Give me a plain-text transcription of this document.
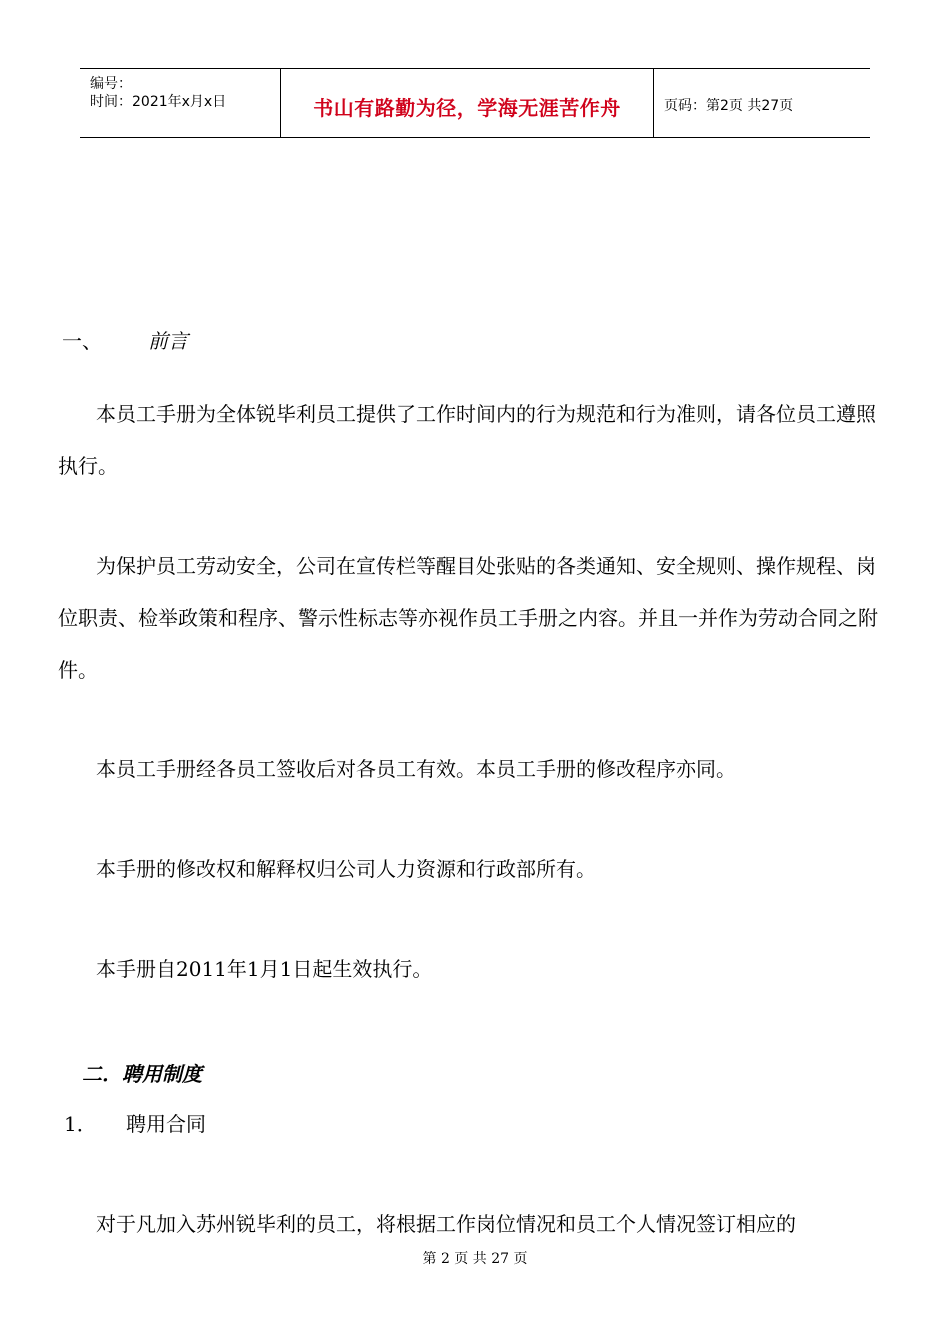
编号：
时间：2021年x月x日	书山有路勤为径，学海无涯苦作舟	页码：第2页 共27页
一、 前言
本员工手册为全体锐毕利员工提供了工作时间内的行为规范和行为准则，请各位员工遵照执行。
为保护员工劳动安全，公司在宣传栏等醒目处张贴的各类通知、安全规则、操作规程、岗位职责、检举政策和程序、警示性标志等亦视作员工手册之内容。并且一并作为劳动合同之附件。
本员工手册经各员工签收后对各员工有效。本员工手册的修改程序亦同。
本手册的修改权和解释权归公司人力资源和行政部所有。
本手册自2011年1月1日起生效执行。
二．聘用制度
1． 聘用合同
对于凡加入苏州锐毕利的员工，将根据工作岗位情况和员工个人情况签订相应的
第 2 页 共 27 页
